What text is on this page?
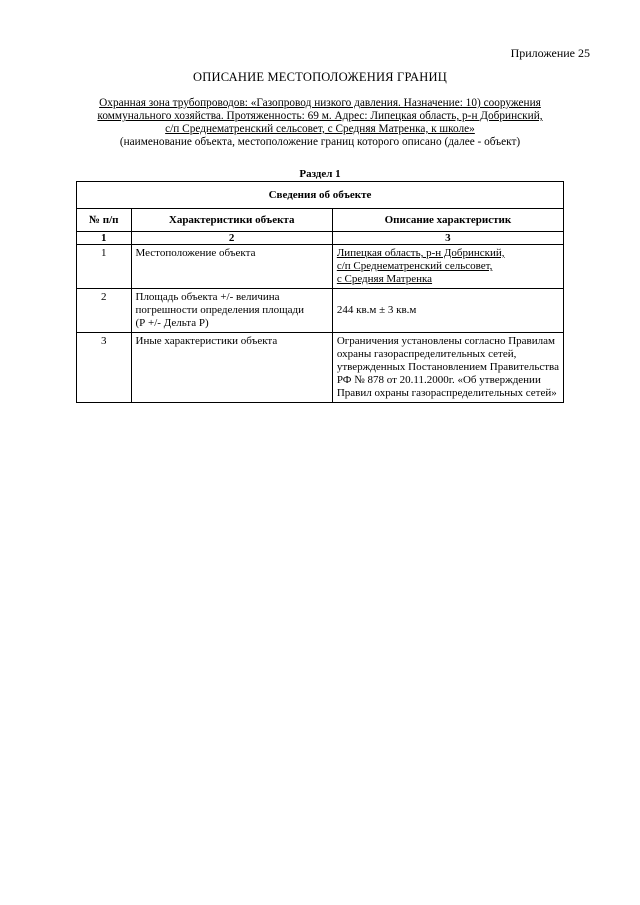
Приложение 25
ОПИСАНИЕ МЕСТОПОЛОЖЕНИЯ ГРАНИЦ
Охранная зона трубопроводов: «Газопровод низкого давления. Назначение: 10) сооружения
коммунального хозяйства. Протяженность: 69 м. Адрес: Липецкая область, р-н Добринский,
с/п Среднематренский сельсовет, с Средняя Матренка, к школе»
(наименование объекта, местоположение границ которого описано (далее - объект)
Раздел 1
Сведения об объекте		
№ п/п	Характеристики объекта	Описание характеристик
1	2	3
1	Местоположение объекта	Липецкая область, р-н Добринский,
с/п Среднематренский сельсовет,
с Средняя Матренка

2	Площадь объекта +/- величина
погрешности определения площади
(Р +/- Дельта Р)	244 кв.м ± 3 кв.м

3	Иные характеристики объекта	Ограничения установлены согласно Правилам
охраны газораспределительных сетей,
утвержденных Постановлением Правительства
РФ № 878 от 20.11.2000г. «Об утверждении
Правил охраны газораспределительных сетей»
